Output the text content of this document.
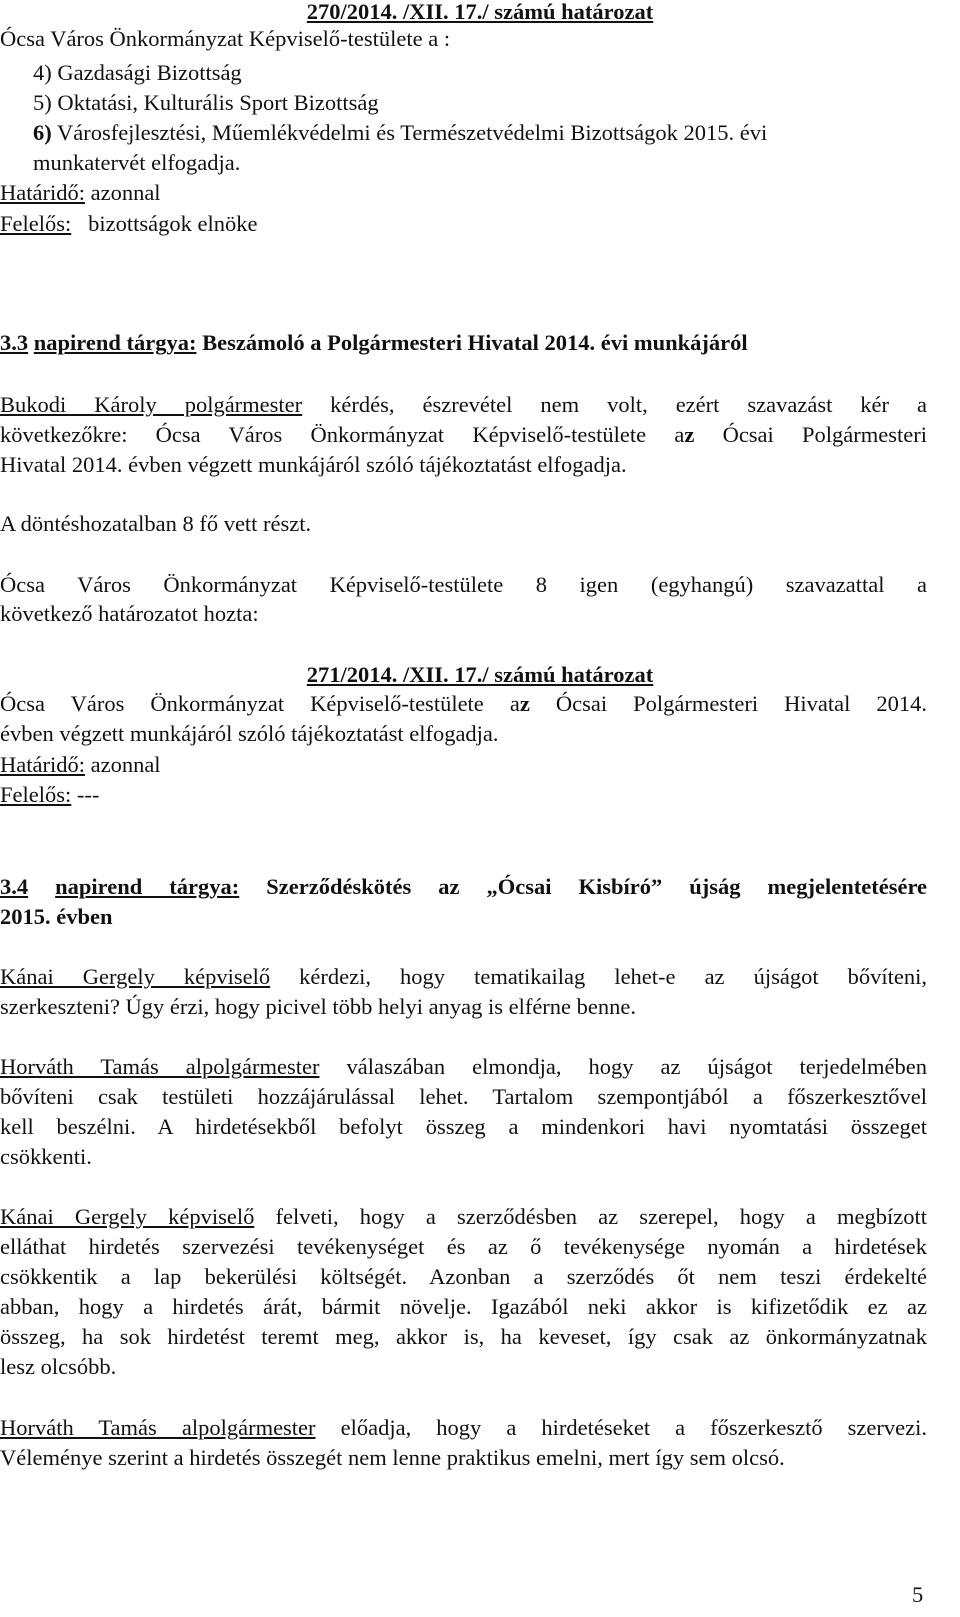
270/2014. /XII. 17./ számú határozat
Ócsa Város Önkormányzat Képviselő-testülete a :
4) Gazdasági Bizottság
5) Oktatási, Kulturális Sport Bizottság
6) Városfejlesztési, Műemlékvédelmi és Természetvédelmi Bizottságok 2015. évi
munkatervét elfogadja.
Határidő: azonnal
Felelős: bizottságok elnöke
3.3 napirend tárgya: Beszámoló a Polgármesteri Hivatal 2014. évi munkájáról
Bukodi Károly polgármester kérdés, észrevétel nem volt, ezért szavazást kér a
következőkre: Ócsa Város Önkormányzat Képviselő-testülete az Ócsai Polgármesteri
Hivatal 2014. évben végzett munkájáról szóló tájékoztatást elfogadja.
A döntéshozatalban 8 fő vett részt.
Ócsa Város Önkormányzat Képviselő-testülete 8 igen (egyhangú) szavazattal a
következő határozatot hozta:
271/2014. /XII. 17./ számú határozat
Ócsa Város Önkormányzat Képviselő-testülete az Ócsai Polgármesteri Hivatal 2014.
évben végzett munkájáról szóló tájékoztatást elfogadja.
Határidő: azonnal
Felelős: ---
3.4 napirend tárgya: Szerződéskötés az „Ócsai Kisbíró” újság megjelentetésére
2015. évben
Kánai Gergely képviselő kérdezi, hogy tematikailag lehet-e az újságot bővíteni,
szerkeszteni? Úgy érzi, hogy picivel több helyi anyag is elférne benne.
Horváth Tamás alpolgármester válaszában elmondja, hogy az újságot terjedelmében
bővíteni csak testületi hozzájárulással lehet. Tartalom szempontjából a főszerkesztővel
kell beszélni. A hirdetésekből befolyt összeg a mindenkori havi nyomtatási összeget
csökkenti.
Kánai Gergely képviselő felveti, hogy a szerződésben az szerepel, hogy a megbízott
elláthat hirdetés szervezési tevékenységet és az ő tevékenysége nyomán a hirdetések
csökkentik a lap bekerülési költségét. Azonban a szerződés őt nem teszi érdekelté
abban, hogy a hirdetés árát, bármit növelje. Igazából neki akkor is kifizetődik ez az
összeg, ha sok hirdetést teremt meg, akkor is, ha keveset, így csak az önkormányzatnak
lesz olcsóbb.
Horváth Tamás alpolgármester előadja, hogy a hirdetéseket a főszerkesztő szervezi.
Véleménye szerint a hirdetés összegét nem lenne praktikus emelni, mert így sem olcsó.
5
